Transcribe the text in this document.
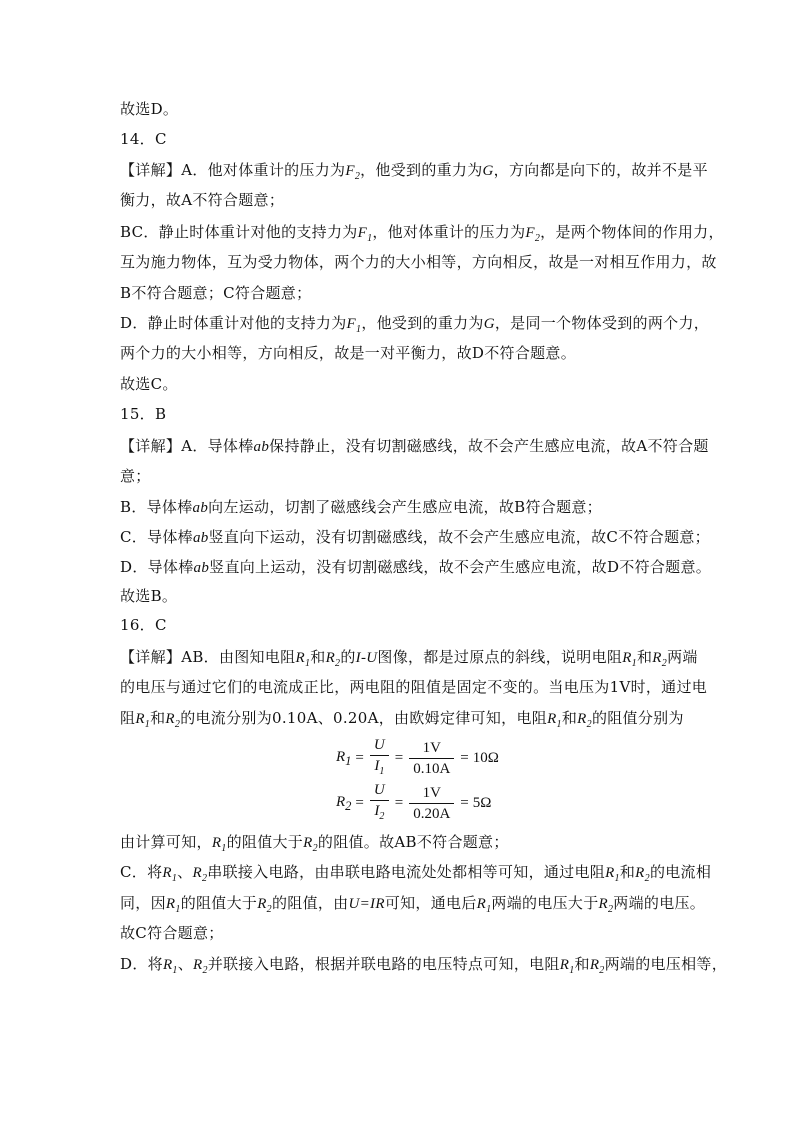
故选D。
14．C
【详解】A．他对体重计的压力为$F_2$，他受到的重力为G，方向都是向下的，故并不是平
衡力，故A不符合题意；
BC．静止时体重计对他的支持力为$F_1$，他对体重计的压力为$F_2$，是两个物体间的作用力，
互为施力物体，互为受力物体，两个力的大小相等，方向相反，故是一对相互作用力，故
B不符合题意；C符合题意；
D．静止时体重计对他的支持力为$F_1$，他受到的重力为G，是同一个物体受到的两个力，
两个力的大小相等，方向相反，故是一对平衡力，故D不符合题意。
故选C。
15．B
【详解】A．导体棒ab保持静止，没有切割磁感线，故不会产生感应电流，故A不符合题
意；
B．导体棒ab向左运动，切割了磁感线会产生感应电流，故B符合题意；
C．导体棒ab竖直向下运动，没有切割磁感线，故不会产生感应电流，故C不符合题意；
D．导体棒ab竖直向上运动，没有切割磁感线，故不会产生感应电流，故D不符合题意。
故选B。
16．C
【详解】AB．由图知电阻$R_1$和$R_2$的I-U图像，都是过原点的斜线，说明电阻$R_1$和$R_2$两端
的电压与通过它们的电流成正比，两电阻的阻值是固定不变的。当电压为1V时，通过电
阻$R_1$和$R_2$的电流分别为0.10A、0.20A，由欧姆定律可知，电阻$R_1$和$R_2$的阻值分别为
$R_1 = \frac{U}{I_1} = \frac{1V}{0.10A} = 10\Omega$
$R_2 = \frac{U}{I_2} = \frac{1V}{0.20A} = 5\Omega$
由计算可知，$R_1$的阻值大于$R_2$的阻值。故AB不符合题意；
C．将$R_1$、$R_2$串联接入电路，由串联电路电流处处都相等可知，通过电阻$R_1$和$R_2$的电流相
同，因$R_1$的阻值大于$R_2$的阻值，由U=IR可知，通电后$R_1$两端的电压大于$R_2$两端的电压。
故C符合题意；
D．将$R_1$、$R_2$并联接入电路，根据并联电路的电压特点可知，电阻$R_1$和$R_2$两端的电压相等，
